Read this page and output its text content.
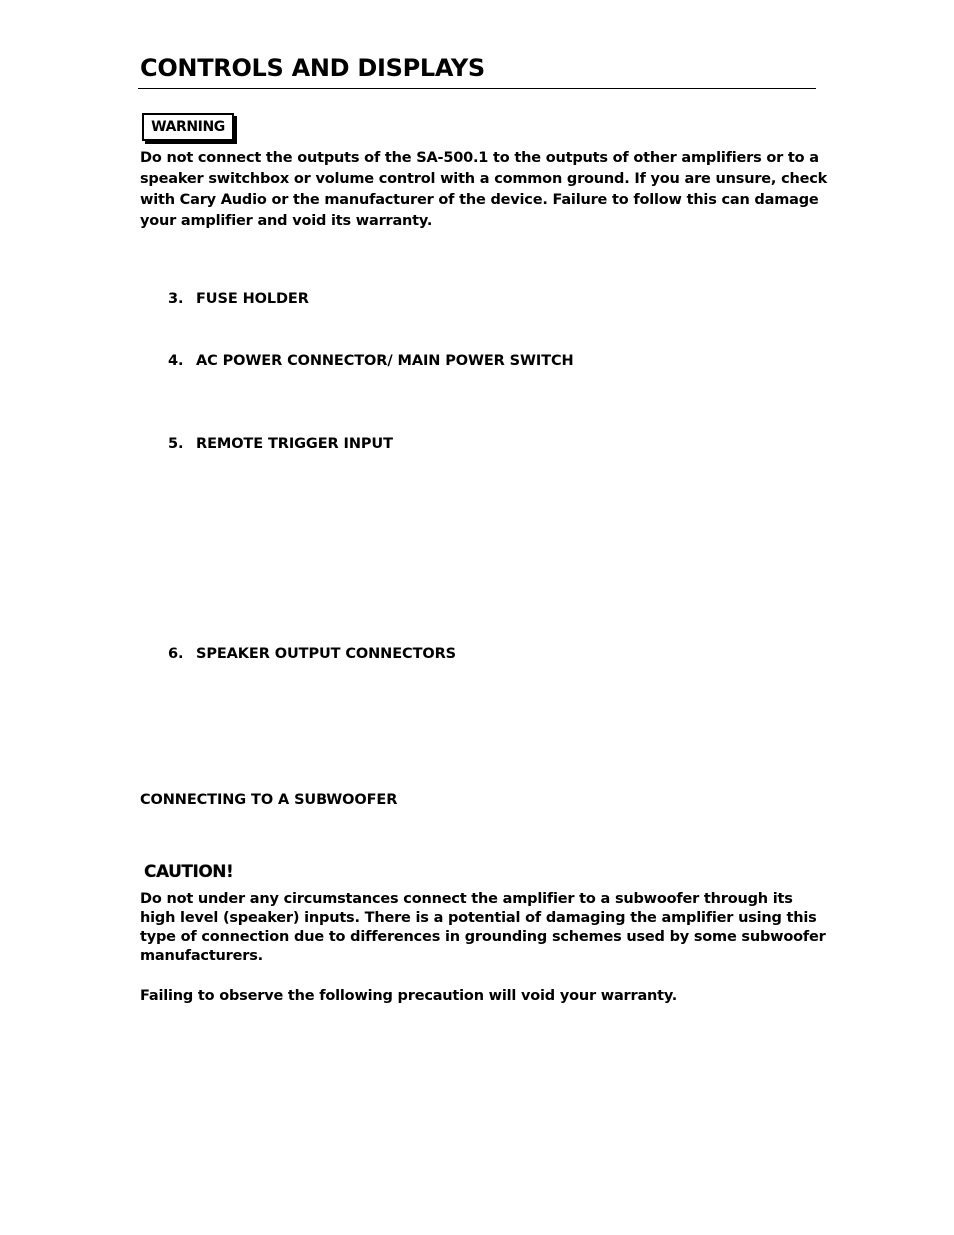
CONTROLS AND DISPLAYS
WARNING
Do not connect the outputs of the SA-500.1 to the outputs of other amplifiers or to a speaker switchbox or volume control with a common ground. If you are unsure, check with Cary Audio or the manufacturer of the device. Failure to follow this can damage your amplifier and void its warranty.
3. FUSE HOLDER
4. AC POWER CONNECTOR/ MAIN POWER SWITCH
5. REMOTE TRIGGER INPUT
6. SPEAKER OUTPUT CONNECTORS
CONNECTING TO A SUBWOOFER
CAUTION!
Do not under any circumstances connect the amplifier to a subwoofer through its high level (speaker) inputs. There is a potential of damaging the amplifier using this type of connection due to differences in grounding schemes used by some subwoofer manufacturers.
Failing to observe the following precaution will void your warranty.
